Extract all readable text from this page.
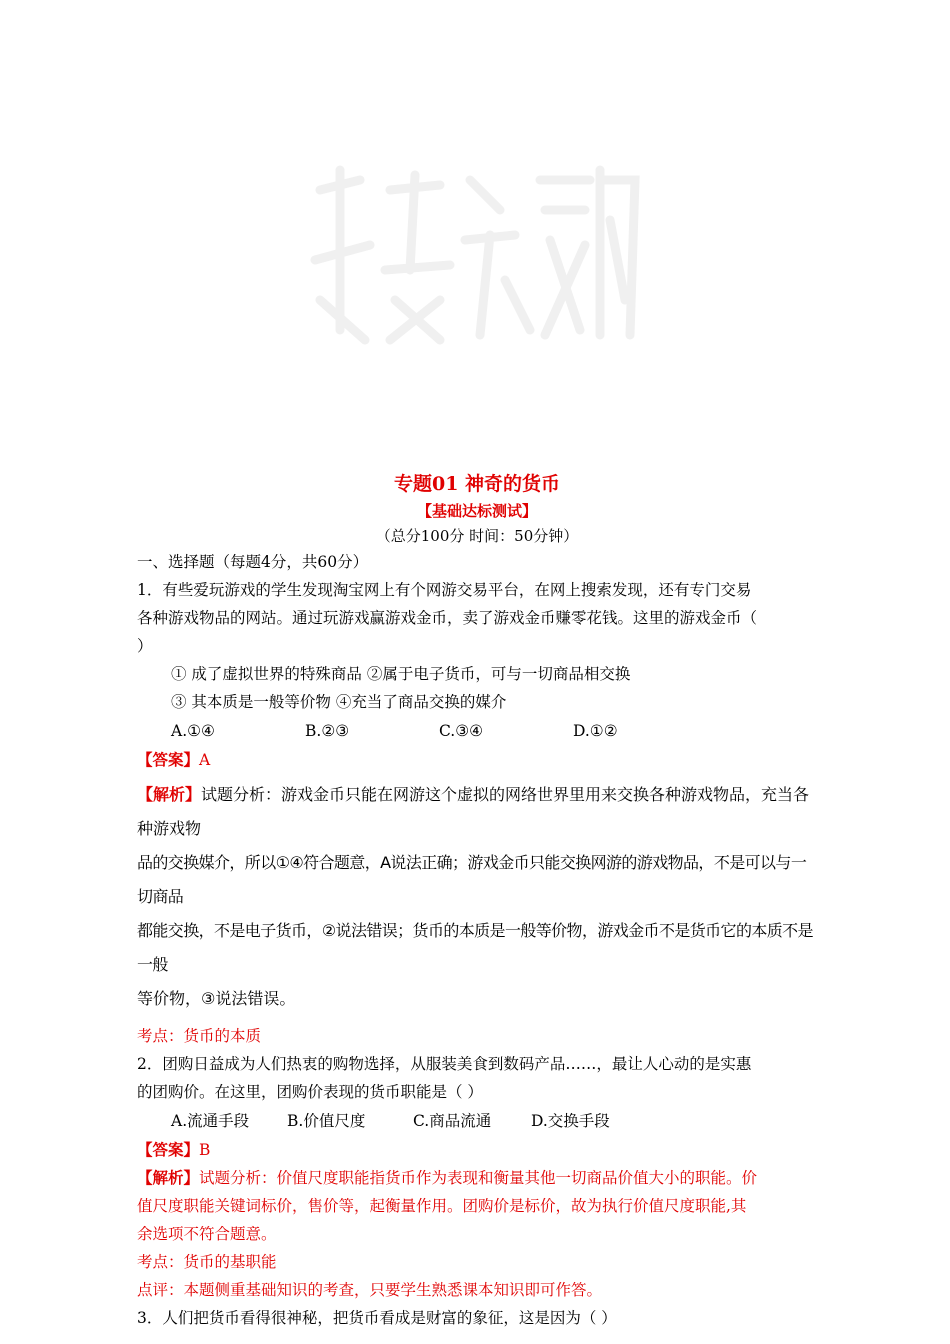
专题01 神奇的货币
【基础达标测试】
（总分100分 时间：50分钟）
一、选择题（每题4分，共60分）
1．有些爱玩游戏的学生发现淘宝网上有个网游交易平台，在网上搜索发现，还有专门交易
各种游戏物品的网站。通过玩游戏赢游戏金币，卖了游戏金币赚零花钱。这里的游戏金币（
）
① 成了虚拟世界的特殊商品 ②属于电子货币，可与一切商品相交换
③ 其本质是一般等价物 ④充当了商品交换的媒介
A.①④	B.②③	C.③④	D.①②
【答案】A
【解析】试题分析：游戏金币只能在网游这个虚拟的网络世界里用来交换各种游戏物品，充当各种游戏物
品的交换媒介，所以①④符合题意，A说法正确；游戏金币只能交换网游的游戏物品，不是可以与一切商品
都能交换，不是电子货币，②说法错误；货币的本质是一般等价物，游戏金币不是货币它的本质不是一般
等价物，③说法错误。
考点：货币的本质
2．团购日益成为人们热衷的购物选择，从服装美食到数码产品……，最让人心动的是实惠
的团购价。在这里，团购价表现的货币职能是（ ）
A.流通手段	B.价值尺度	C.商品流通	D.交换手段
【答案】B
【解析】试题分析：价值尺度职能指货币作为表现和衡量其他一切商品价值大小的职能。价
值尺度职能关键词标价，售价等，起衡量作用。团购价是标价，故为执行价值尺度职能,其
余选项不符合题意。
考点：货币的基职能
点评：本题侧重基础知识的考查，只要学生熟悉课本知识即可作答。
3．人们把货币看得很神秘，把货币看成是财富的象征，这是因为（ ）
